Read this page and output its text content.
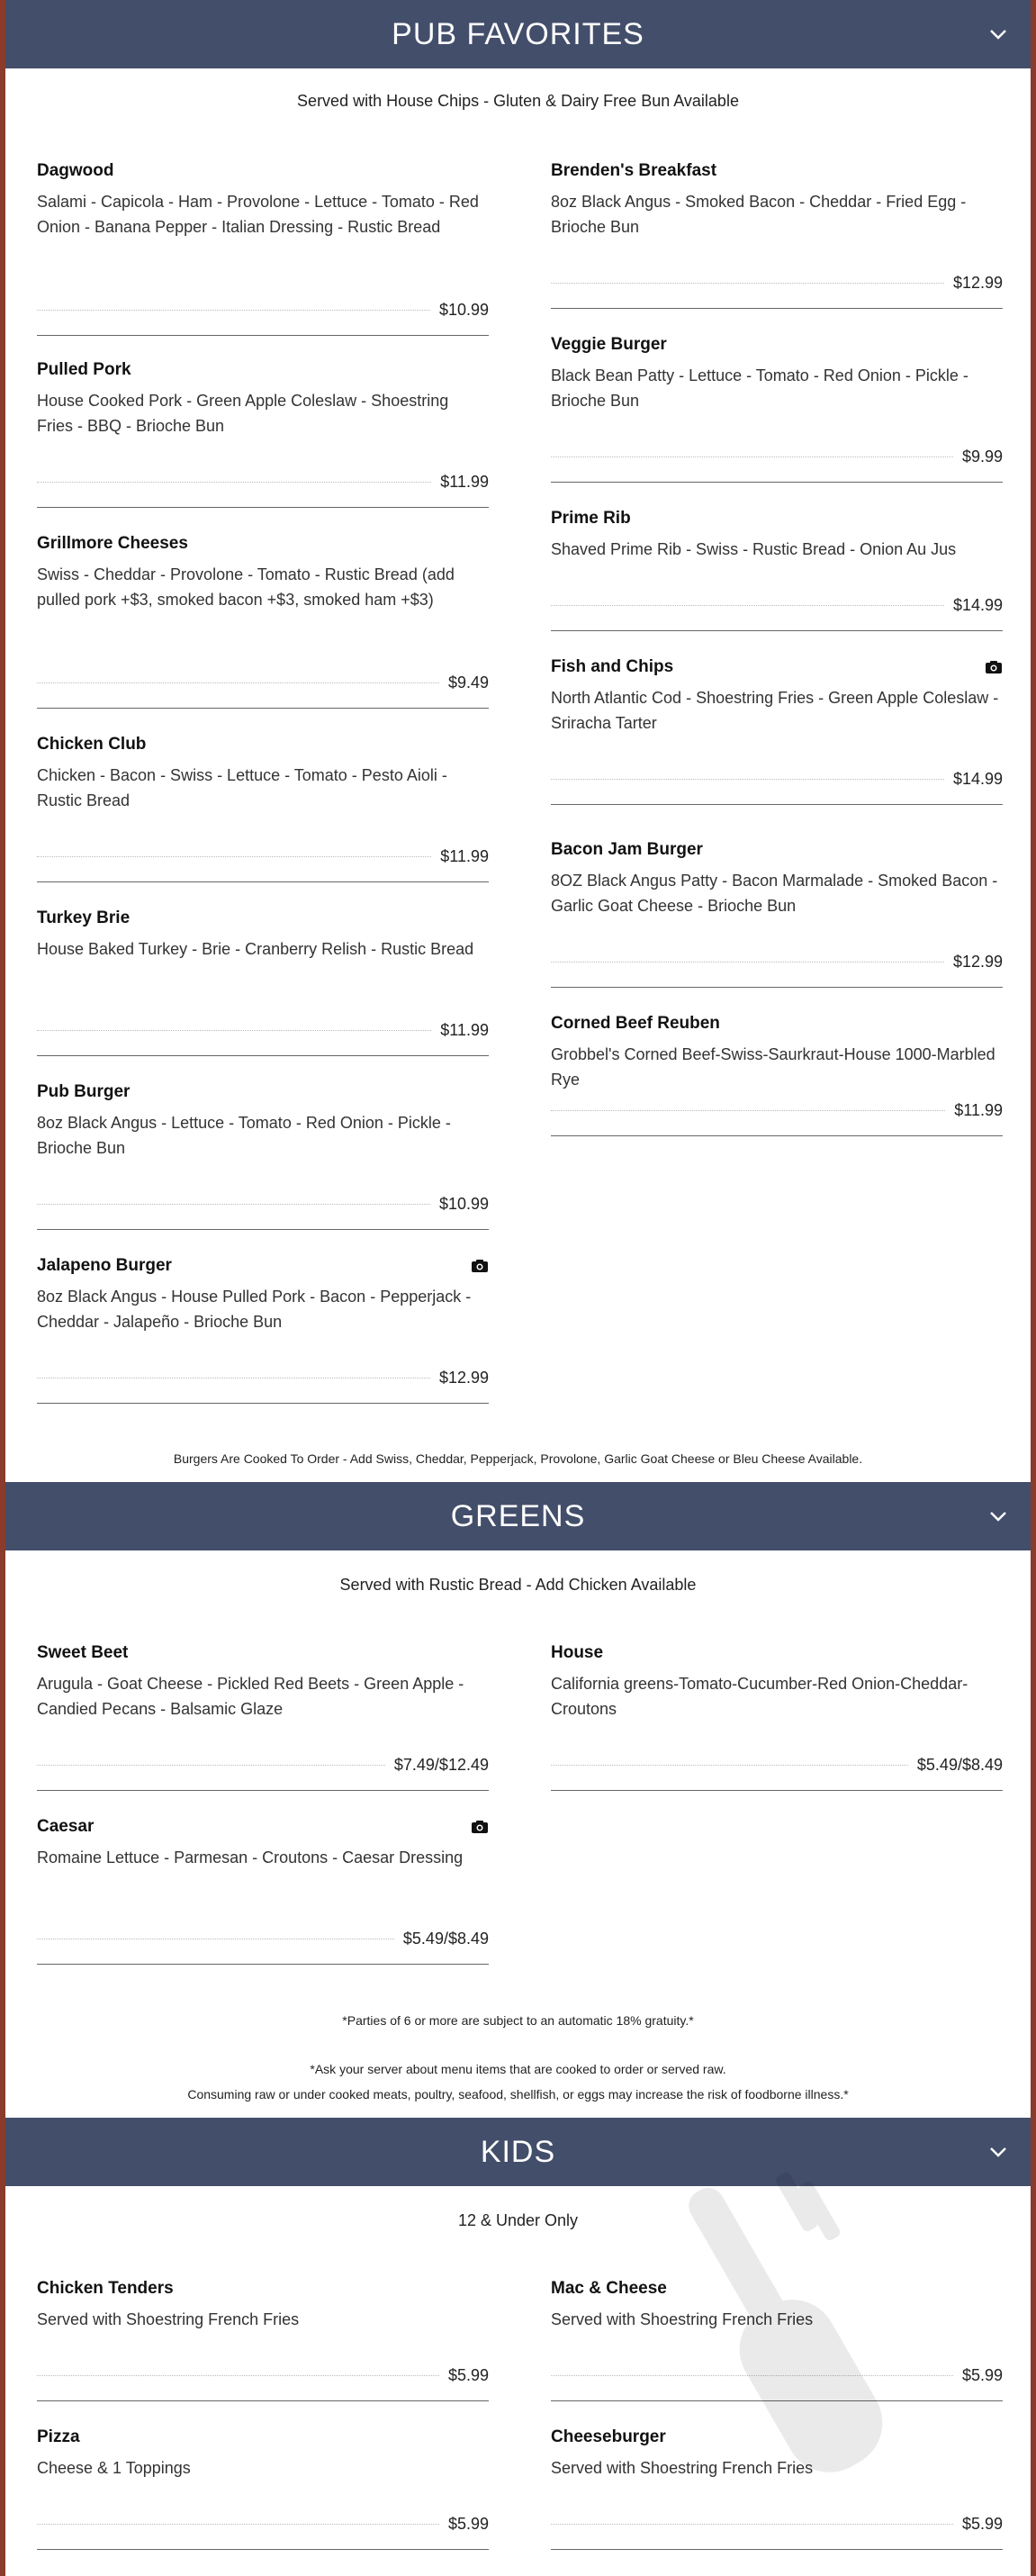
PUB FAVORITES
Served with House Chips - Gluten & Dairy Free Bun Available
Dagwood
Salami - Capicola - Ham - Provolone - Lettuce - Tomato - Red Onion - Banana Pepper - Italian Dressing - Rustic Bread
$10.99
Pulled Pork
House Cooked Pork - Green Apple Coleslaw - Shoestring Fries - BBQ - Brioche Bun
$11.99
Grillmore Cheeses
Swiss - Cheddar - Provolone - Tomato - Rustic Bread (add pulled pork +$3, smoked bacon +$3, smoked ham +$3)
$9.49
Chicken Club
Chicken - Bacon - Swiss - Lettuce - Tomato - Pesto Aioli - Rustic Bread
$11.99
Turkey Brie
House Baked Turkey - Brie - Cranberry Relish - Rustic Bread
$11.99
Pub Burger
8oz Black Angus - Lettuce - Tomato - Red Onion - Pickle - Brioche Bun
$10.99
Jalapeno Burger
8oz Black Angus - House Pulled Pork - Bacon - Pepperjack - Cheddar - Jalapeño - Brioche Bun
$12.99
Brenden's Breakfast
8oz Black Angus - Smoked Bacon - Cheddar - Fried Egg - Brioche Bun
$12.99
Veggie Burger
Black Bean Patty - Lettuce - Tomato - Red Onion - Pickle - Brioche Bun
$9.99
Prime Rib
Shaved Prime Rib - Swiss - Rustic Bread - Onion Au Jus
$14.99
Fish and Chips
North Atlantic Cod - Shoestring Fries - Green Apple Coleslaw - Sriracha Tarter
$14.99
Bacon Jam Burger
8OZ Black Angus Patty - Bacon Marmalade - Smoked Bacon - Garlic Goat Cheese - Brioche Bun
$12.99
Corned Beef Reuben
Grobbel's Corned Beef-Swiss-Saurkraut-House 1000-Marbled Rye
$11.99
Burgers Are Cooked To Order - Add Swiss, Cheddar, Pepperjack, Provolone, Garlic Goat Cheese or Bleu Cheese Available.
GREENS
Served with Rustic Bread - Add Chicken Available
Sweet Beet
Arugula - Goat Cheese - Pickled Red Beets - Green Apple - Candied Pecans - Balsamic Glaze
$7.49/$12.49
Caesar
Romaine Lettuce - Parmesan - Croutons - Caesar Dressing
$5.49/$8.49
House
California greens-Tomato-Cucumber-Red Onion-Cheddar-Croutons
$5.49/$8.49
*Parties of 6 or more are subject to an automatic 18% gratuity.*
*Ask your server about menu items that are cooked to order or served raw.
Consuming raw or under cooked meats, poultry, seafood, shellfish, or eggs may increase the risk of foodborne illness.*
KIDS
12 & Under Only
Chicken Tenders
Served with Shoestring French Fries
$5.99
Pizza
Cheese & 1 Toppings
$5.99
Mac & Cheese
Served with Shoestring French Fries
$5.99
Cheeseburger
Served with Shoestring French Fries
$5.99
